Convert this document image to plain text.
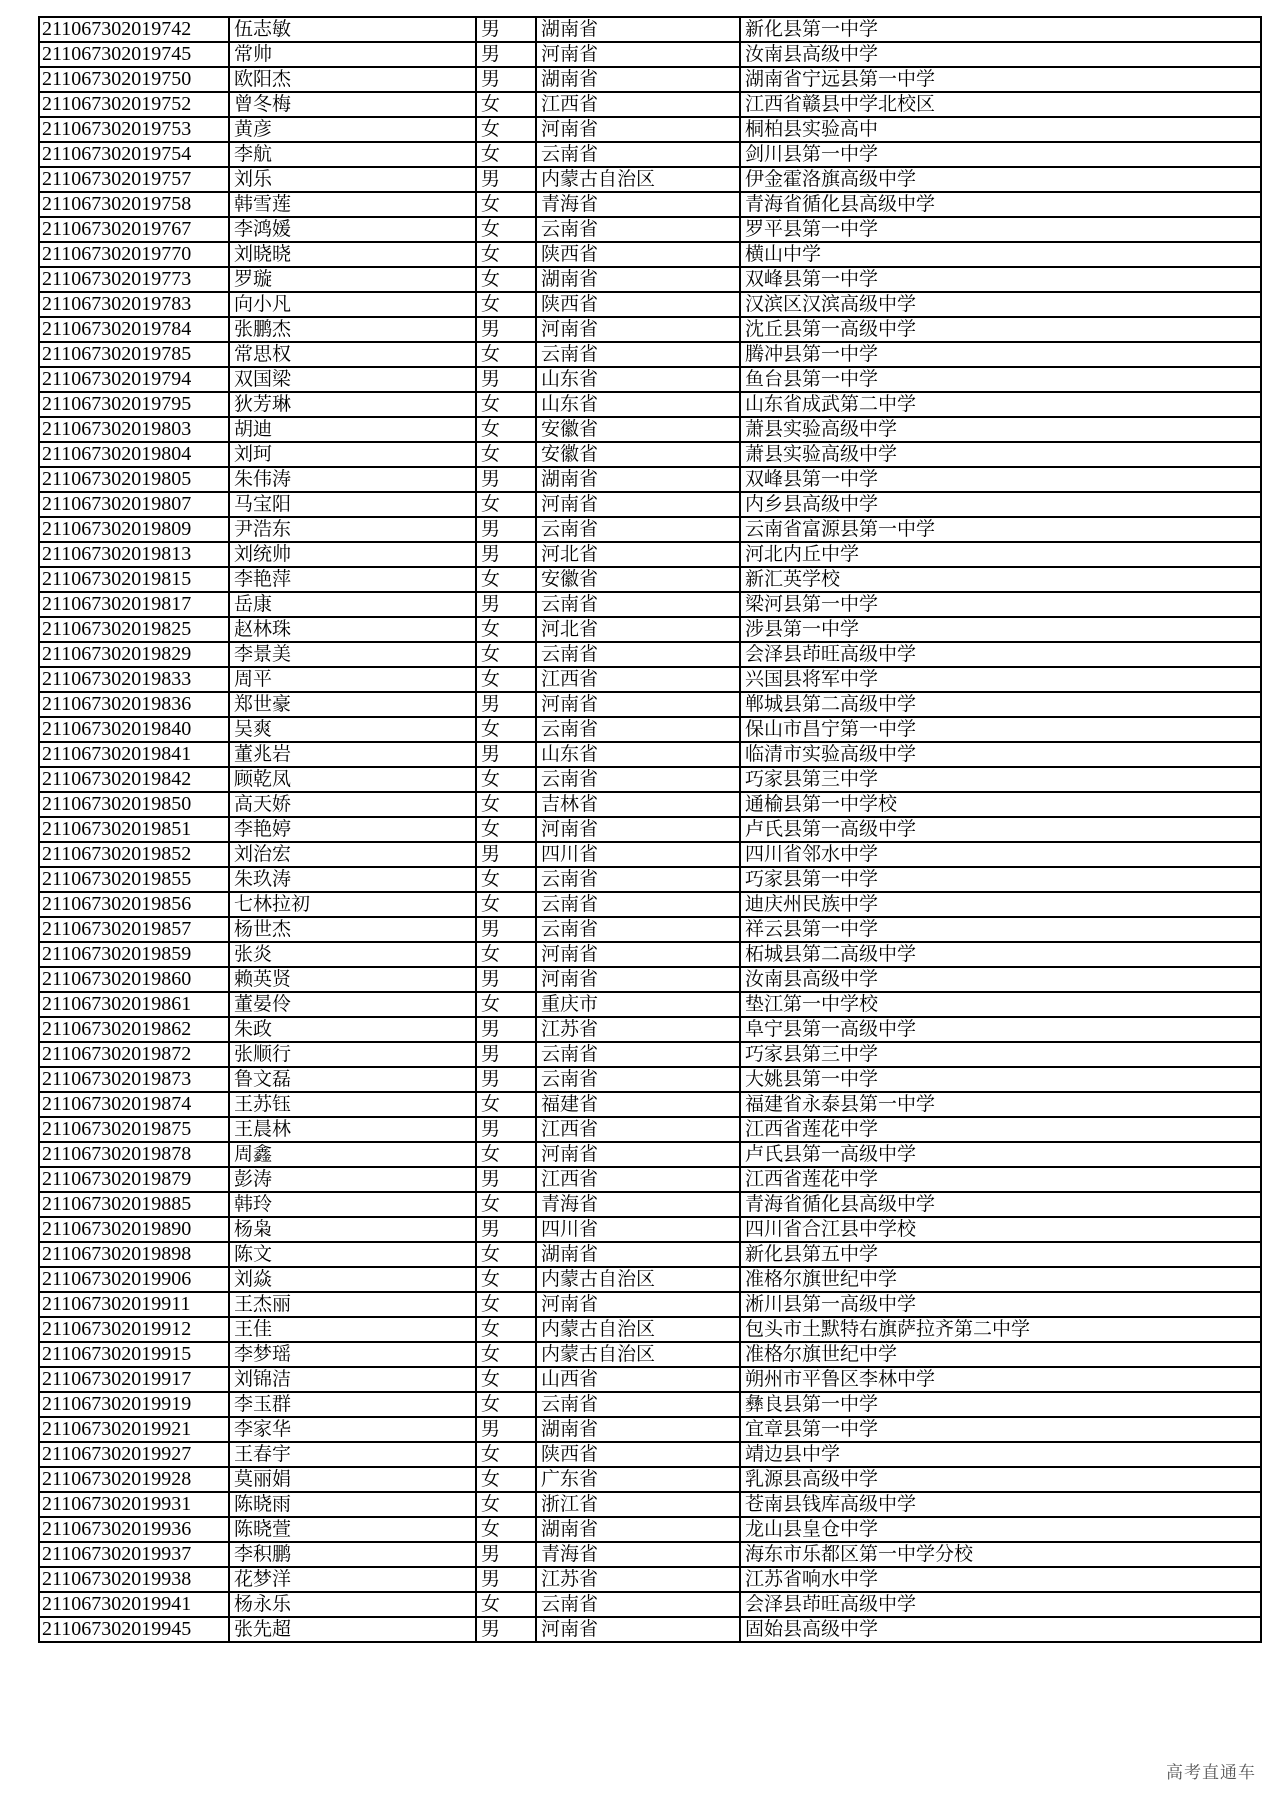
211067302019742	伍志敏	男	湖南省	新化县第一中学
211067302019745	常帅	男	河南省	汝南县高级中学
211067302019750	欧阳杰	男	湖南省	湖南省宁远县第一中学
211067302019752	曾冬梅	女	江西省	江西省赣县中学北校区
211067302019753	黄彦	女	河南省	桐柏县实验高中
211067302019754	李航	女	云南省	剑川县第一中学
211067302019757	刘乐	男	内蒙古自治区	伊金霍洛旗高级中学
211067302019758	韩雪莲	女	青海省	青海省循化县高级中学
211067302019767	李鸿媛	女	云南省	罗平县第一中学
211067302019770	刘晓晓	女	陕西省	横山中学
211067302019773	罗璇	女	湖南省	双峰县第一中学
211067302019783	向小凡	女	陕西省	汉滨区汉滨高级中学
211067302019784	张鹏杰	男	河南省	沈丘县第一高级中学
211067302019785	常思权	女	云南省	腾冲县第一中学
211067302019794	双国梁	男	山东省	鱼台县第一中学
211067302019795	狄芳琳	女	山东省	山东省成武第二中学
211067302019803	胡迪	女	安徽省	萧县实验高级中学
211067302019804	刘珂	女	安徽省	萧县实验高级中学
211067302019805	朱伟涛	男	湖南省	双峰县第一中学
211067302019807	马宝阳	女	河南省	内乡县高级中学
211067302019809	尹浩东	男	云南省	云南省富源县第一中学
211067302019813	刘统帅	男	河北省	河北内丘中学
211067302019815	李艳萍	女	安徽省	新汇英学校
211067302019817	岳康	男	云南省	梁河县第一中学
211067302019825	赵林珠	女	河北省	涉县第一中学
211067302019829	李景美	女	云南省	会泽县茚旺高级中学
211067302019833	周平	女	江西省	兴国县将军中学
211067302019836	郑世豪	男	河南省	郸城县第二高级中学
211067302019840	吴爽	女	云南省	保山市昌宁第一中学
211067302019841	董兆岩	男	山东省	临清市实验高级中学
211067302019842	顾乾凤	女	云南省	巧家县第三中学
211067302019850	高天娇	女	吉林省	通榆县第一中学校
211067302019851	李艳婷	女	河南省	卢氏县第一高级中学
211067302019852	刘治宏	男	四川省	四川省邻水中学
211067302019855	朱玖涛	女	云南省	巧家县第一中学
211067302019856	七林拉初	女	云南省	迪庆州民族中学
211067302019857	杨世杰	男	云南省	祥云县第一中学
211067302019859	张炎	女	河南省	柘城县第二高级中学
211067302019860	赖英贤	男	河南省	汝南县高级中学
211067302019861	董晏伶	女	重庆市	垫江第一中学校
211067302019862	朱政	男	江苏省	阜宁县第一高级中学
211067302019872	张顺行	男	云南省	巧家县第三中学
211067302019873	鲁文磊	男	云南省	大姚县第一中学
211067302019874	王苏钰	女	福建省	福建省永泰县第一中学
211067302019875	王晨林	男	江西省	江西省莲花中学
211067302019878	周鑫	女	河南省	卢氏县第一高级中学
211067302019879	彭涛	男	江西省	江西省莲花中学
211067302019885	韩玲	女	青海省	青海省循化县高级中学
211067302019890	杨枭	男	四川省	四川省合江县中学校
211067302019898	陈文	女	湖南省	新化县第五中学
211067302019906	刘焱	女	内蒙古自治区	准格尔旗世纪中学
211067302019911	王杰丽	女	河南省	淅川县第一高级中学
211067302019912	王佳	女	内蒙古自治区	包头市土默特右旗萨拉齐第二中学
211067302019915	李梦瑶	女	内蒙古自治区	准格尔旗世纪中学
211067302019917	刘锦洁	女	山西省	朔州市平鲁区李林中学
211067302019919	李玉群	女	云南省	彝良县第一中学
211067302019921	李家华	男	湖南省	宜章县第一中学
211067302019927	王春宇	女	陕西省	靖边县中学
211067302019928	莫丽娟	女	广东省	乳源县高级中学
211067302019931	陈晓雨	女	浙江省	苍南县钱库高级中学
211067302019936	陈晓萱	女	湖南省	龙山县皇仓中学
211067302019937	李积鹏	男	青海省	海东市乐都区第一中学分校
211067302019938	花梦洋	男	江苏省	江苏省响水中学
211067302019941	杨永乐	女	云南省	会泽县茚旺高级中学
211067302019945	张先超	男	河南省	固始县高级中学
高考直通车
